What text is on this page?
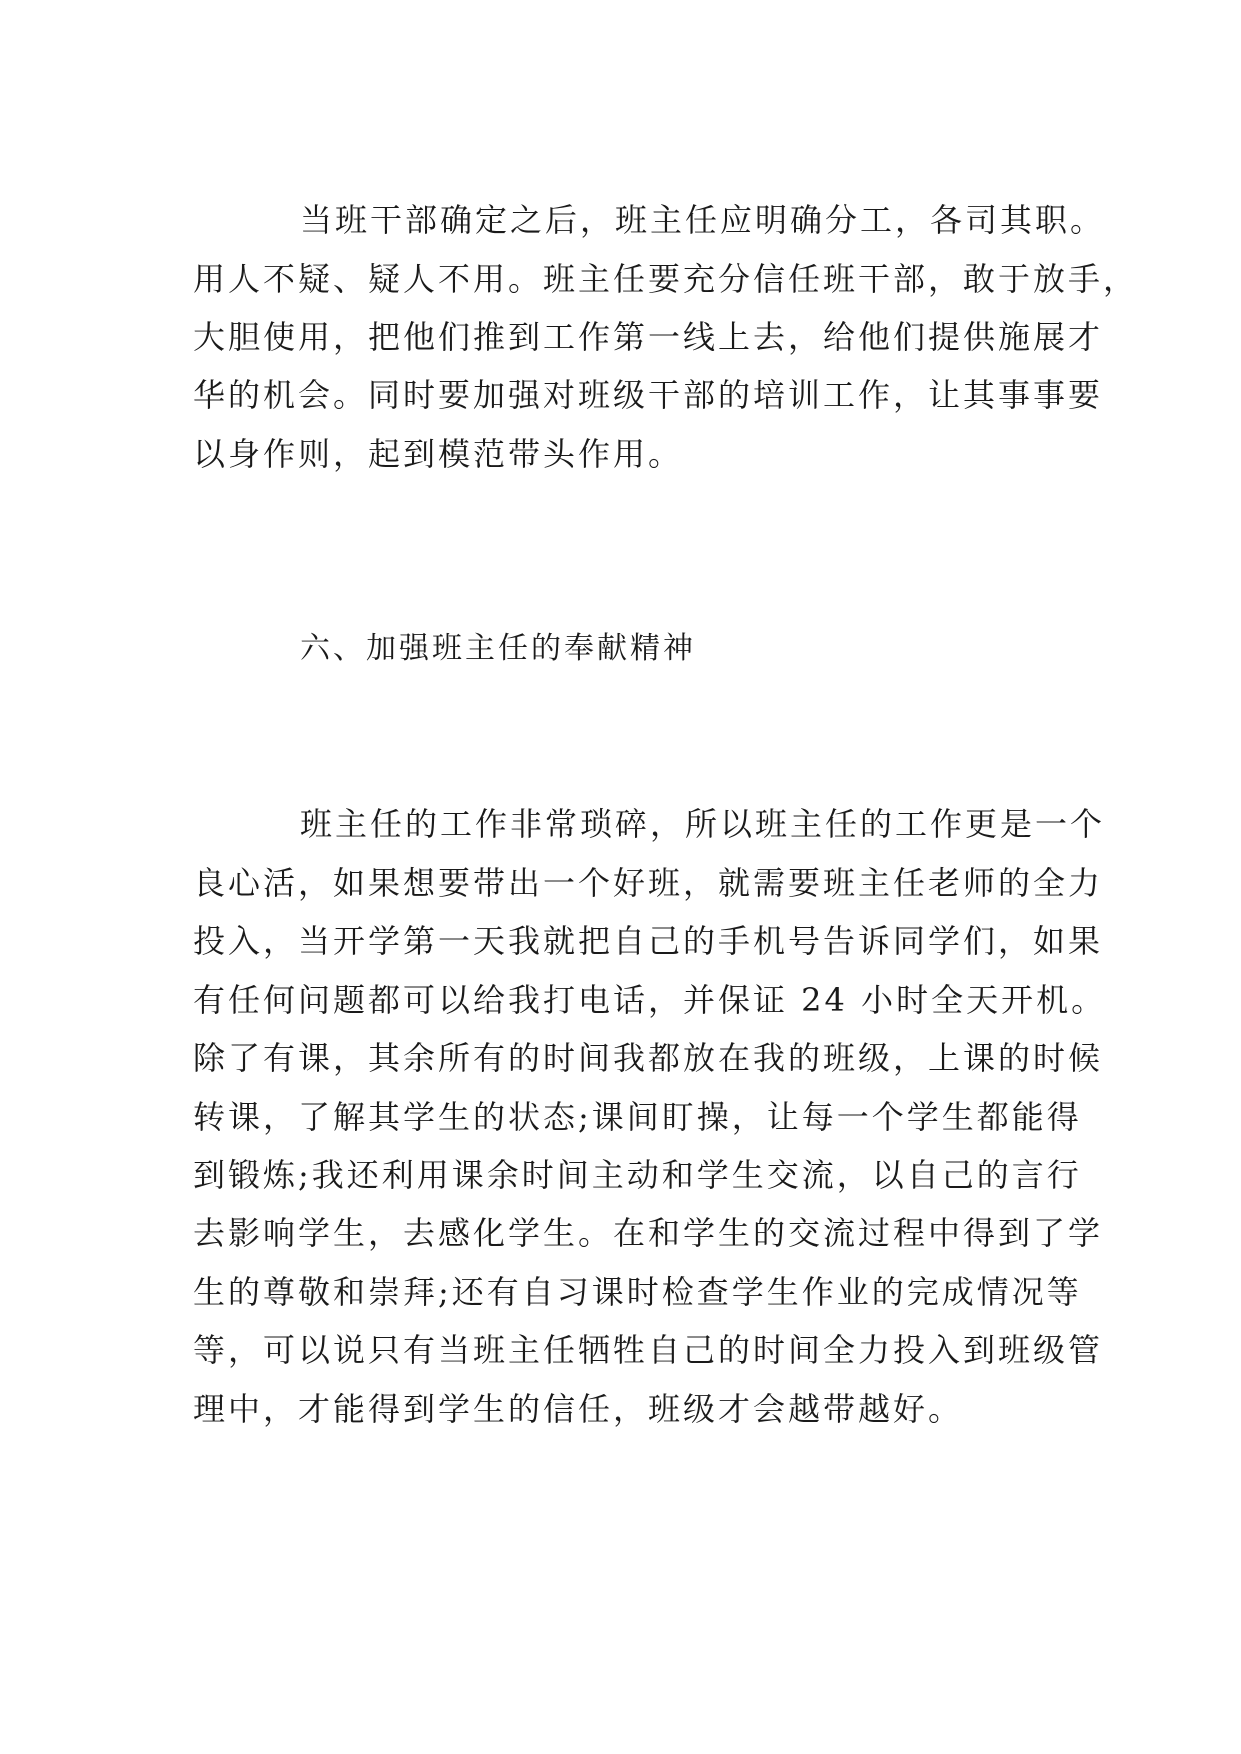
当班干部确定之后，班主任应明确分工，各司其职。
用人不疑、疑人不用。班主任要充分信任班干部，敢于放手，
大胆使用，把他们推到工作第一线上去，给他们提供施展才
华的机会。同时要加强对班级干部的培训工作，让其事事要
以身作则，起到模范带头作用。
六、加强班主任的奉献精神
班主任的工作非常琐碎，所以班主任的工作更是一个
良心活，如果想要带出一个好班，就需要班主任老师的全力
投入，当开学第一天我就把自己的手机号告诉同学们，如果
有任何问题都可以给我打电话，并保证 24 小时全天开机。
除了有课，其余所有的时间我都放在我的班级，上课的时候
转课，了解其学生的状态;课间盯操，让每一个学生都能得
到锻炼;我还利用课余时间主动和学生交流，以自己的言行
去影响学生，去感化学生。在和学生的交流过程中得到了学
生的尊敬和崇拜;还有自习课时检查学生作业的完成情况等
等，可以说只有当班主任牺牲自己的时间全力投入到班级管
理中，才能得到学生的信任，班级才会越带越好。
